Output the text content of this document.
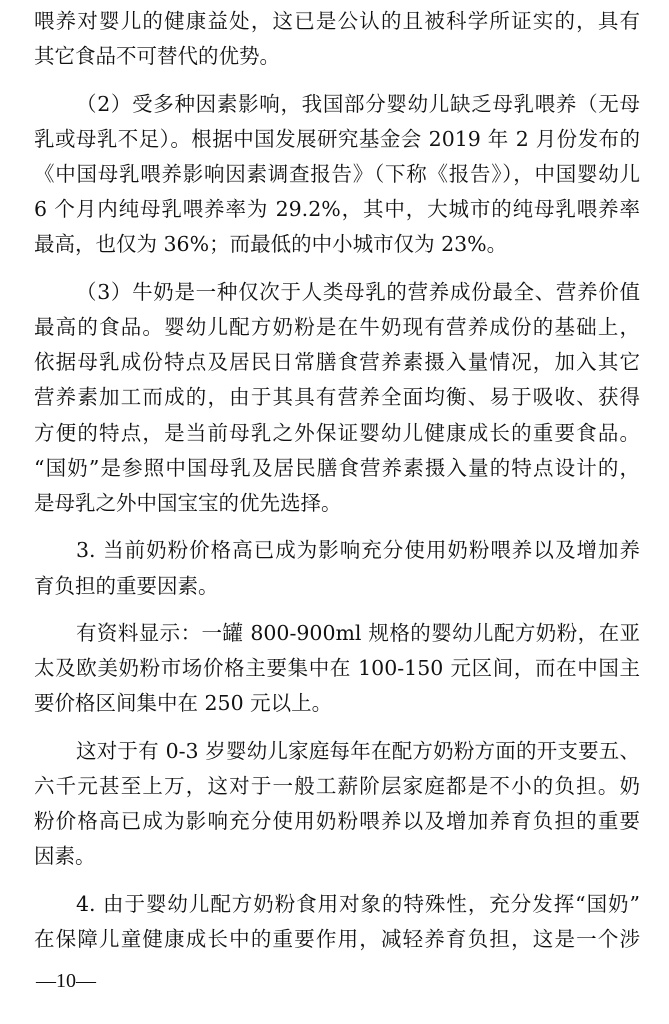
喂养对婴儿的健康益处，这已是公认的且被科学所证实的，具有
其它食品不可替代的优势。
（2）受多种因素影响，我国部分婴幼儿缺乏母乳喂养（无母
乳或母乳不足）。根据中国发展研究基金会 2019 年 2 月份发布的
《中国母乳喂养影响因素调查报告》（下称《报告》），中国婴幼儿
6 个月内纯母乳喂养率为 29.2%，其中，大城市的纯母乳喂养率
最高，也仅为 36%；而最低的中小城市仅为 23%。
（3）牛奶是一种仅次于人类母乳的营养成份最全、营养价值
最高的食品。婴幼儿配方奶粉是在牛奶现有营养成份的基础上，
依据母乳成份特点及居民日常膳食营养素摄入量情况，加入其它
营养素加工而成的，由于其具有营养全面均衡、易于吸收、获得
方便的特点，是当前母乳之外保证婴幼儿健康成长的重要食品。
“国奶”是参照中国母乳及居民膳食营养素摄入量的特点设计的，
是母乳之外中国宝宝的优先选择。
3. 当前奶粉价格高已成为影响充分使用奶粉喂养以及增加养
育负担的重要因素。
有资料显示：一罐 800-900ml 规格的婴幼儿配方奶粉，在亚
太及欧美奶粉市场价格主要集中在 100-150 元区间，而在中国主
要价格区间集中在 250 元以上。
这对于有 0-3 岁婴幼儿家庭每年在配方奶粉方面的开支要五、
六千元甚至上万，这对于一般工薪阶层家庭都是不小的负担。奶
粉价格高已成为影响充分使用奶粉喂养以及增加养育负担的重要
因素。
4. 由于婴幼儿配方奶粉食用对象的特殊性，充分发挥“国奶”
在保障儿童健康成长中的重要作用，减轻养育负担，这是一个涉
—10—
